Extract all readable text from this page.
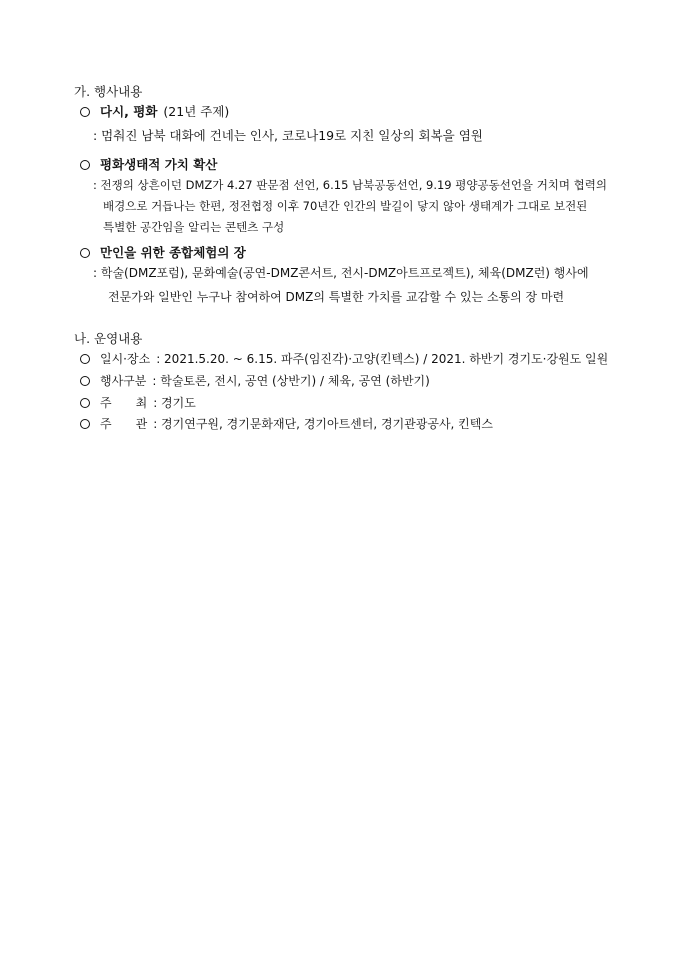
가. 행사내용
다시, 평화 (21년 주제)
: 멈춰진 남북 대화에 건네는 인사, 코로나19로 지친 일상의 회복을 염원
평화생태적 가치 확산
: 전쟁의 상흔이던 DMZ가 4.27 판문점 선언, 6.15 남북공동선언, 9.19 평양공동선언을 거치며 협력의
배경으로 거듭나는 한편, 정전협정 이후 70년간 인간의 발길이 닿지 않아 생태계가 그대로 보전된
특별한 공간임을 알리는 콘텐츠 구성
만인을 위한 종합체험의 장
: 학술(DMZ포럼), 문화예술(공연-DMZ콘서트, 전시-DMZ아트프로젝트), 체육(DMZ런) 행사에
전문가와 일반인 누구나 참여하여 DMZ의 특별한 가치를 교감할 수 있는 소통의 장 마련
나. 운영내용
일시·장소 : 2021.5.20. ~ 6.15. 파주(임진각)·고양(킨텍스) / 2021. 하반기 경기도·강원도 일원
행사구분 : 학술토론, 전시, 공연 (상반기) / 체육, 공연 (하반기)
주　　최 : 경기도
주　　관 : 경기연구원, 경기문화재단, 경기아트센터, 경기관광공사, 킨텍스
